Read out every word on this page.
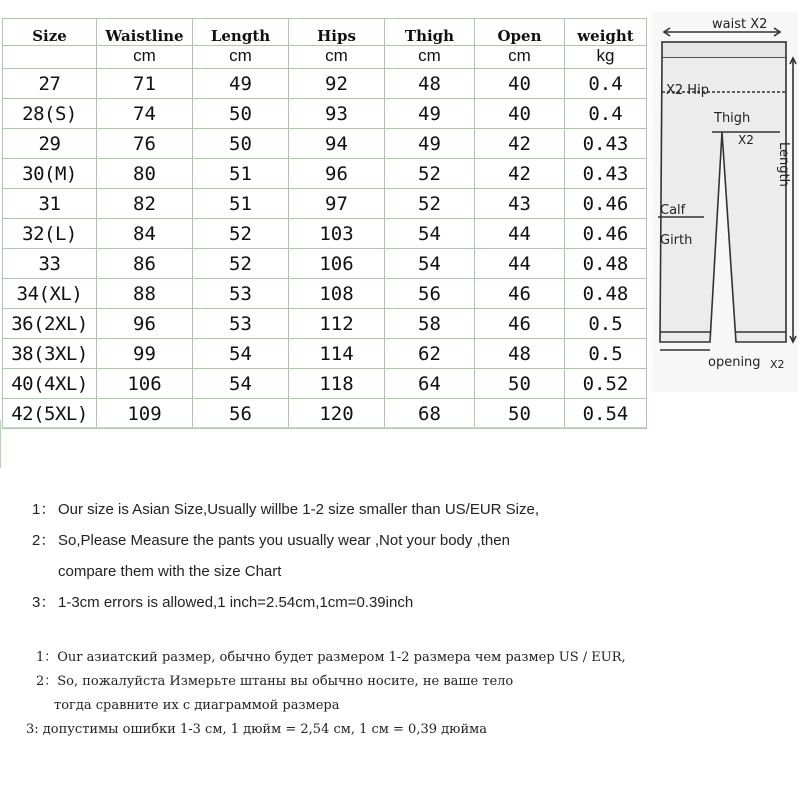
Size	Waistline	Length	Hips	Thigh	Open	weight
	cm	cm	cm	cm	cm	kg
27	71	49	92	48	40	0.4
28(S)	74	50	93	49	40	0.4
29	76	50	94	49	42	0.43
30(M)	80	51	96	52	42	0.43
31	82	51	97	52	43	0.46
32(L)	84	52	103	54	44	0.46
33	86	52	106	54	44	0.48
34(XL)	88	53	108	56	46	0.48
36(2XL)	96	53	112	58	46	0.5
38(3XL)	99	54	114	62	48	0.5
40(4XL)	106	54	118	64	50	0.52
42(5XL)	109	56	120	68	50	0.54
waist X2
X2 Hip
Thigh
X2
Length
Calf
Girth
opening X2
1： Our size is Asian Size,Usually willbe 1-2 size smaller than US/EUR Size,
2： So,Please Measure the pants you usually wear ,Not your body ,then
compare them with the size Chart
3： 1-3cm errors is allowed,1 inch=2.54cm,1cm=0.39inch
1：Our азиатский размер, обычно будет размером 1-2 размера чем размер US / EUR,
2：So, пожалуйста Измерьте штаны вы обычно носите, не ваше тело
тогда сравните их с диаграммой размера
3: допустимы ошибки 1-3 см, 1 дюйм = 2,54 см, 1 см = 0,39 дюйма
